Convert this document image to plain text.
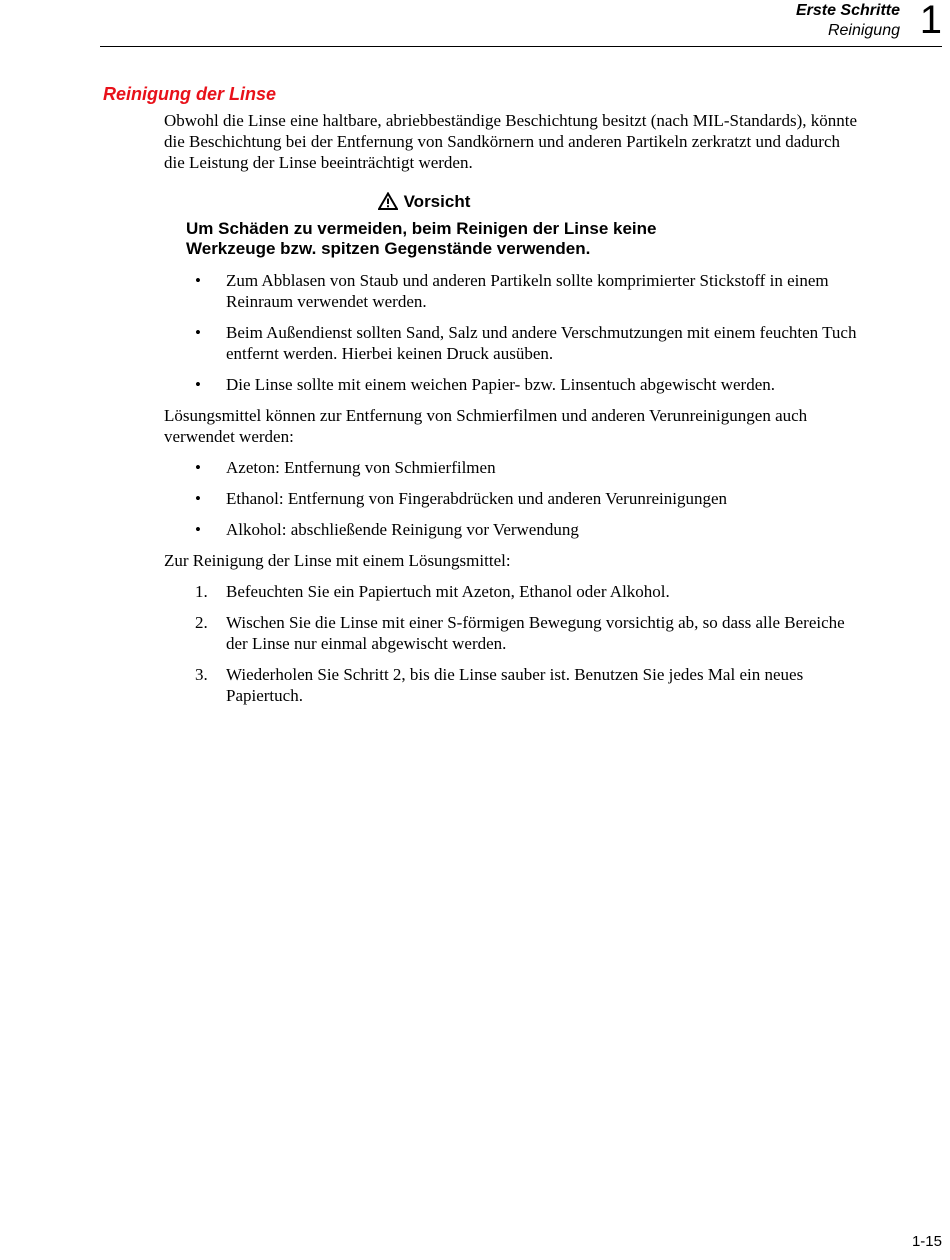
Erste Schritte
Reinigung 1
Reinigung der Linse

Obwohl die Linse eine haltbare, abriebbeständige Beschichtung besitzt (nach MIL-Standards), könnte die Beschichtung bei der Entfernung von Sandkörnern und anderen Partikeln zerkratzt und dadurch die Leistung der Linse beeinträchtigt werden.

Vorsicht

Um Schäden zu vermeiden, beim Reinigen der Linse keine Werkzeuge bzw. spitzen Gegenstände verwenden.

•	Zum Abblasen von Staub und anderen Partikeln sollte komprimierter Stickstoff in einem Reinraum verwendet werden.
•	Beim Außendienst sollten Sand, Salz und andere Verschmutzungen mit einem feuchten Tuch entfernt werden. Hierbei keinen Druck ausüben.
•	Die Linse sollte mit einem weichen Papier- bzw. Linsentuch abgewischt werden.

Lösungsmittel können zur Entfernung von Schmierfilmen und anderen Verunreinigungen auch verwendet werden:

•	Azeton: Entfernung von Schmierfilmen
•	Ethanol: Entfernung von Fingerabdrücken und anderen Verunreinigungen
•	Alkohol: abschließende Reinigung vor Verwendung

Zur Reinigung der Linse mit einem Lösungsmittel:

1.	Befeuchten Sie ein Papiertuch mit Azeton, Ethanol oder Alkohol.
2.	Wischen Sie die Linse mit einer S-förmigen Bewegung vorsichtig ab, so dass alle Bereiche der Linse nur einmal abgewischt werden.
3.	Wiederholen Sie Schritt 2, bis die Linse sauber ist. Benutzen Sie jedes Mal ein neues Papiertuch.
1-15
